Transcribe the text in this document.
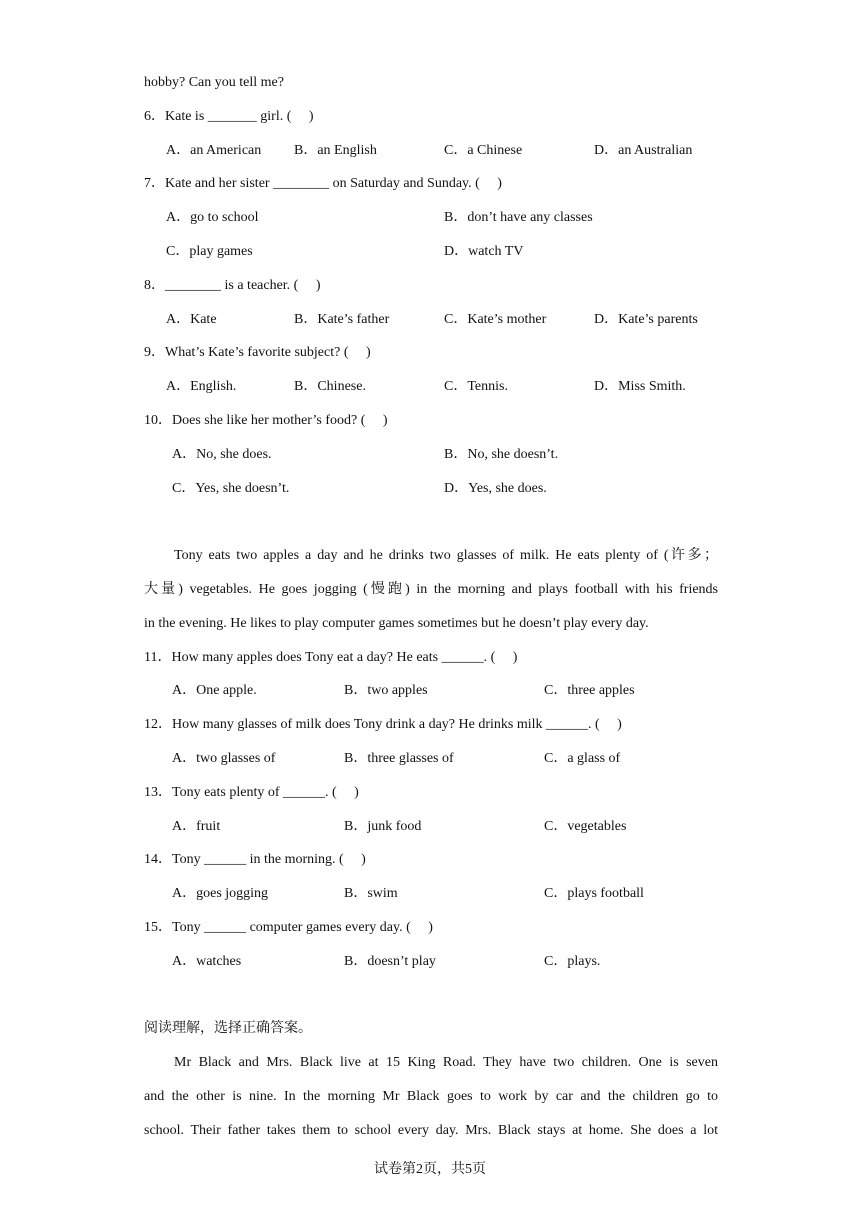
hobby? Can you tell me?
6．Kate is _______ girl. (　 )
A．an American B．an English	C．a Chinese	D．an Australian
7．Kate and her sister ________ on Saturday and Sunday. (　 )
A．go to school	B．don’t have any classes
C．play games	D．watch TV
8．________ is a teacher. (　 )
A．Kate	B．Kate’s father	C．Kate’s mother	D．Kate’s parents
9．What’s Kate’s favorite subject? (　 )
A．English.	B．Chinese.	C．Tennis.	D．Miss Smith.
10．Does she like her mother’s food? (　 )
A．No, she does.	B．No, she doesn’t.
C．Yes, she doesn’t.	D．Yes, she does.
Tony eats two apples a day and he drinks two glasses of milk. He eats plenty of (许多；
大量) vegetables. He goes jogging (慢跑) in the morning and plays football with his friends
in the evening. He likes to play computer games sometimes but he doesn’t play every day.
11．How many apples does Tony eat a day? He eats ______. (　 )
A．One apple.	B．two apples	C．three apples
12．How many glasses of milk does Tony drink a day? He drinks milk ______. (　 )
A．two glasses of	B．three glasses of	C．a glass of
13．Tony eats plenty of ______. (　 )
A．fruit	B．junk food	C．vegetables
14．Tony ______ in the morning. (　 )
A．goes jogging	B．swim	C．plays football
15．Tony ______ computer games every day. (　 )
A．watches	B．doesn’t play	C．plays.
阅读理解，选择正确答案。
Mr Black and Mrs. Black live at 15 King Road. They have two children. One is seven
and the other is nine. In the morning Mr Black goes to work by car and the children go to
school. Their father takes them to school every day. Mrs. Black stays at home. She does a lot
试卷第2页，共5页
